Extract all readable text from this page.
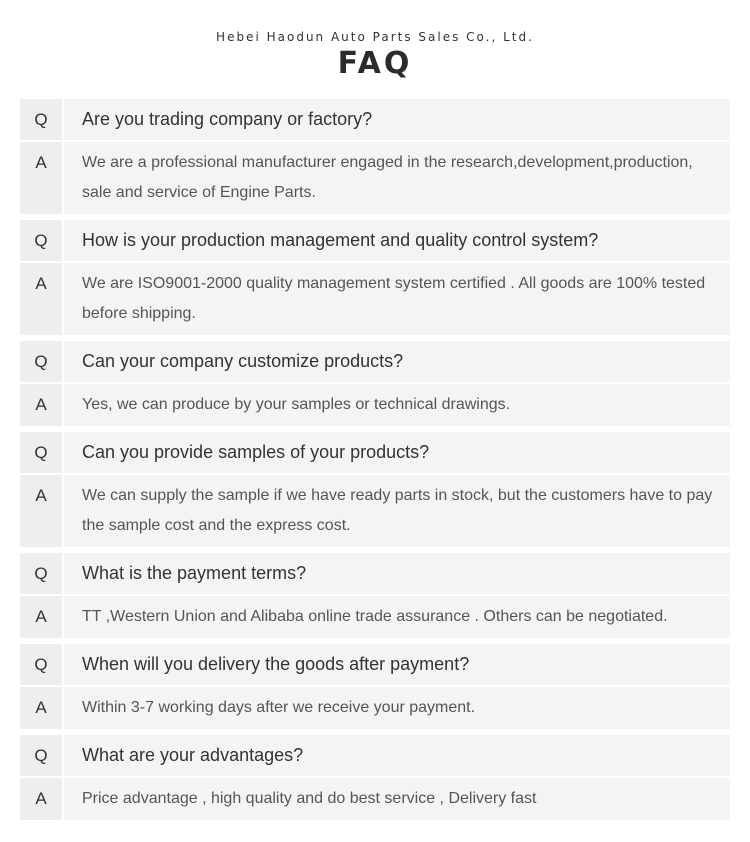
Hebei Haodun Auto Parts Sales Co., Ltd.
FAQ
Q	Are you trading company or factory?
A	We are a professional manufacturer engaged in the research,development,production, sale and service of Engine Parts.
Q	How is your production management and quality control system?
A	We are ISO9001-2000 quality management system certified . All goods are 100% tested before shipping.
Q	Can your company customize products?
A	Yes, we can produce by your samples or technical drawings.
Q	Can you provide samples of your products?
A	We can supply the sample if we have ready parts in stock, but the customers have to pay the sample cost and the express cost.
Q	What is the payment terms?
A	TT ,Western Union and Alibaba online trade assurance . Others can be negotiated.
Q	When will you delivery the goods after payment?
A	Within 3-7 working days after we receive your payment.
Q	What are your advantages?
A	Price advantage , high quality and do best service , Delivery fast
